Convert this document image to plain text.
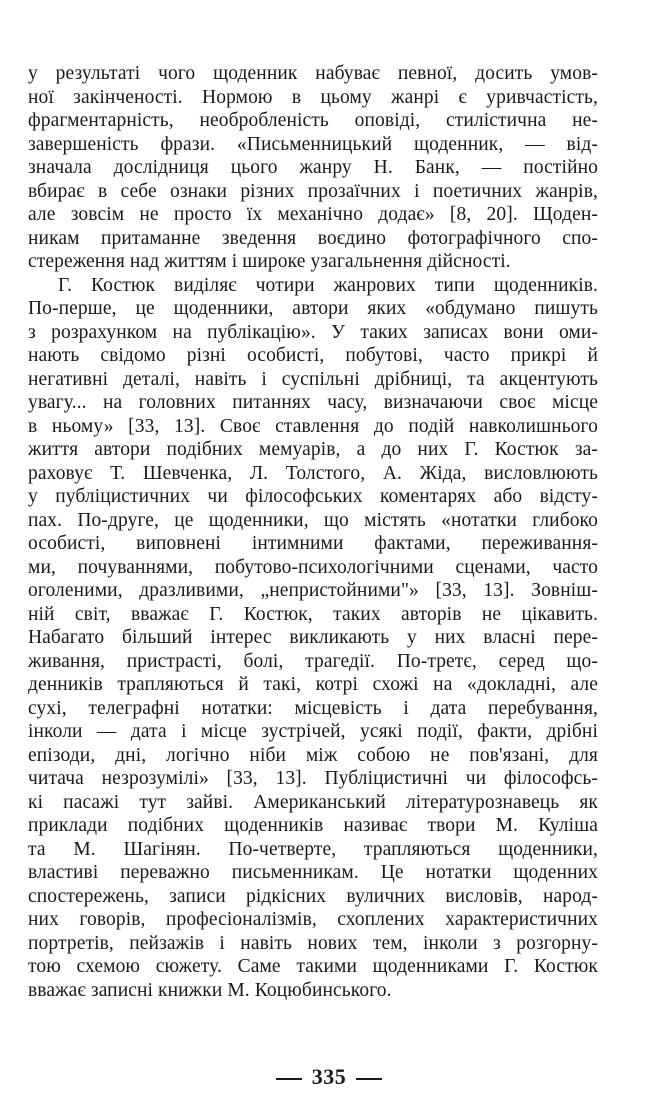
у результаті чого щоденник набуває певної, досить умов-
ної закінченості. Нормою в цьому жанрі є уривчастість,
фрагментарність, необробленість оповіді, стилістична не-
завершеність фрази. «Письменницький щоденник, — від-
значала дослідниця цього жанру Н. Банк, — постійно
вбирає в себе ознаки різних прозаїчних і поетичних жанрів,
але зовсім не просто їх механічно додає» [8, 20]. Щоден-
никам притаманне зведення воєдино фотографічного спо-
стереження над життям і широке узагальнення дійсності.
Г. Костюк виділяє чотири жанрових типи щоденників.
По-перше, це щоденники, автори яких «обдумано пишуть
з розрахунком на публікацію». У таких записах вони оми-
нають свідомо різні особисті, побутові, часто прикрі й
негативні деталі, навіть і суспільні дрібниці, та акцентують
увагу... на головних питаннях часу, визначаючи своє місце
в ньому» [33, 13]. Своє ставлення до подій навколишнього
життя автори подібних мемуарів, а до них Г. Костюк за-
раховує Т. Шевченка, Л. Толстого, А. Жіда, висловлюють
у публіцистичних чи філософських коментарях або відсту-
пах. По-друге, це щоденники, що містять «нотатки глибоко
особисті, виповнені інтимними фактами, переживання-
ми, почуваннями, побутово-психологічними сценами, часто
оголеними, дразливими, „непристойними"» [33, 13]. Зовніш-
ній світ, вважає Г. Костюк, таких авторів не цікавить.
Набагато більший інтерес викликають у них власні пере-
живання, пристрасті, болі, трагедії. По-третє, серед що-
денників трапляються й такі, котрі схожі на «докладні, але
сухі, телеграфні нотатки: місцевість і дата перебування,
інколи — дата і місце зустрічей, усякі події, факти, дрібні
епізоди, дні, логічно ніби між собою не пов'язані, для
читача незрозумілі» [33, 13]. Публіцистичні чи філософсь-
кі пасажі тут зайві. Американський літературознавець як
приклади подібних щоденників називає твори М. Куліша
та М. Шагінян. По-четверте, трапляються щоденники,
властиві переважно письменникам. Це нотатки щоденних
спостережень, записи рідкісних вуличних висловів, народ-
них говорів, професіоналізмів, схоплених характеристичних
портретів, пейзажів і навіть нових тем, інколи з розгорну-
тою схемою сюжету. Саме такими щоденниками Г. Костюк
вважає записні книжки М. Коцюбинського.
335
